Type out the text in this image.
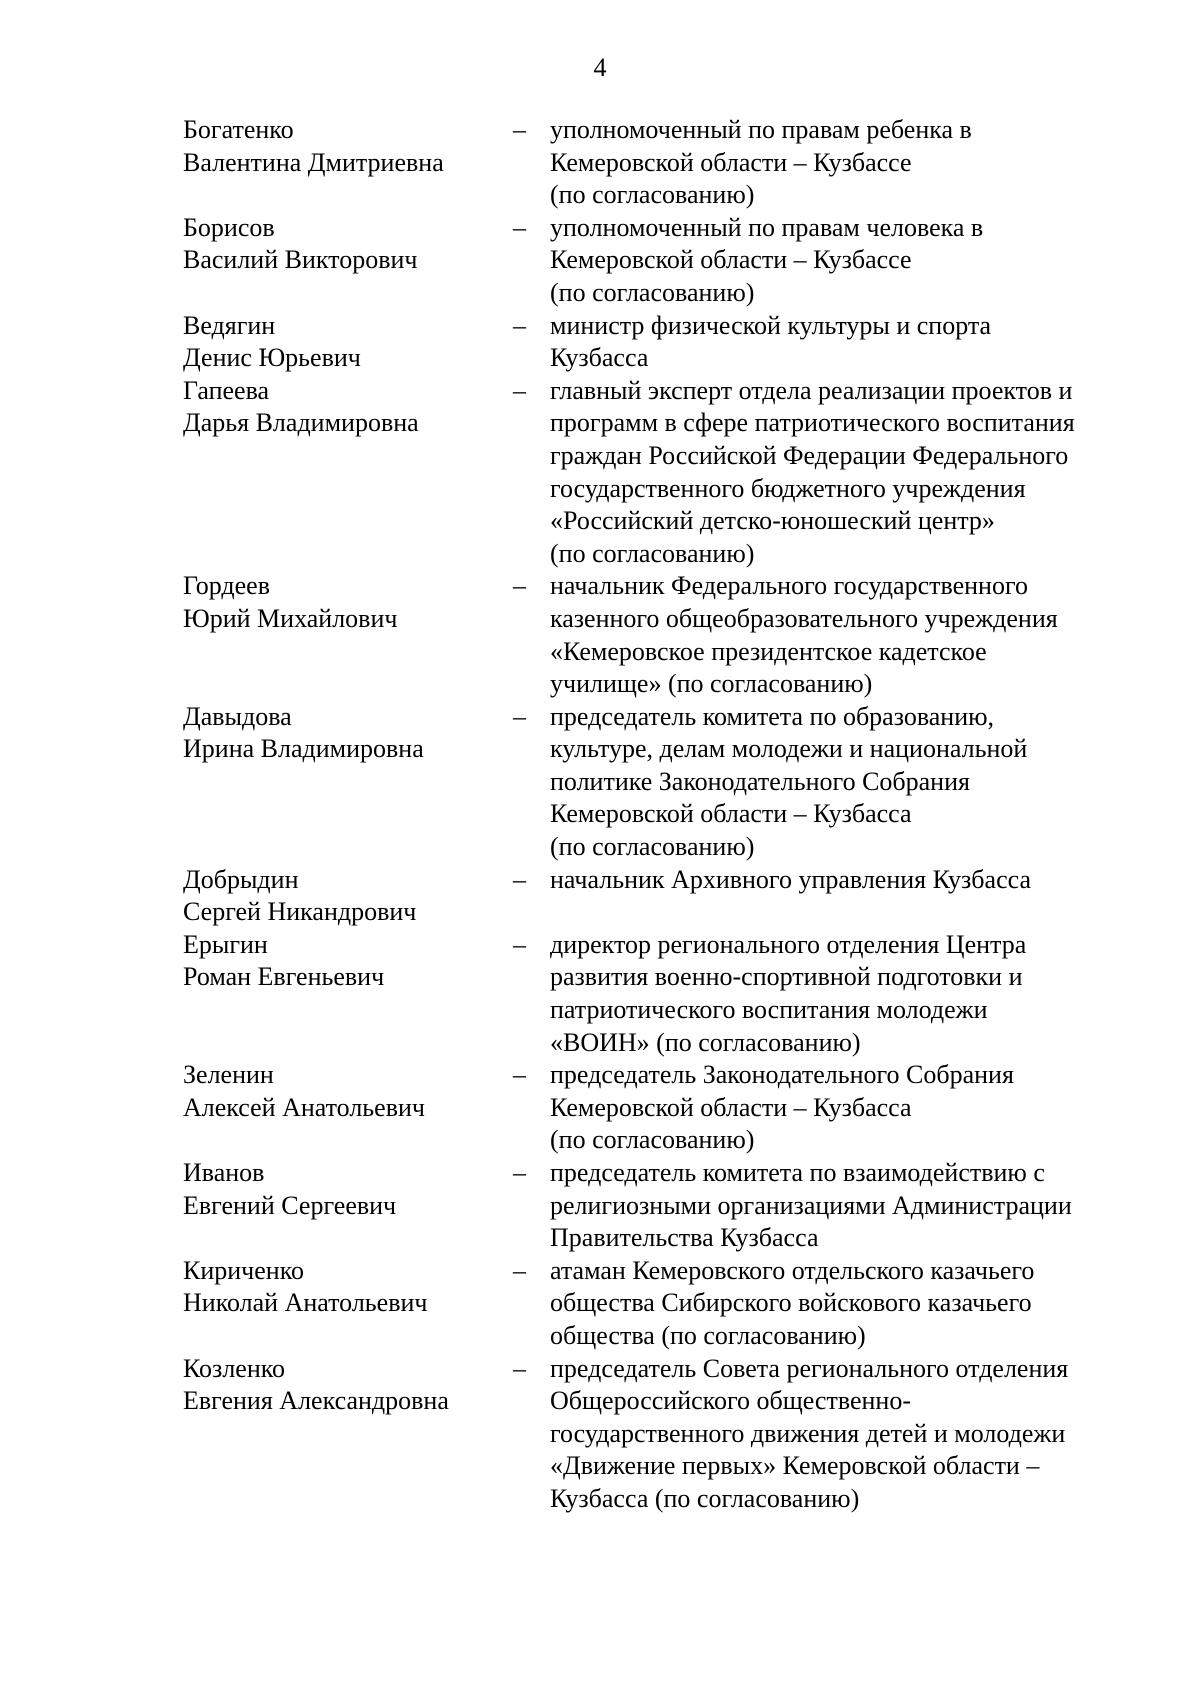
4
Богатенко
Валентина Дмитриевна
– уполномоченный по правам ребенка в
Кемеровской области – Кузбассе
(по согласованию)
Борисов
Василий Викторович
– уполномоченный по правам человека в
Кемеровской области – Кузбассе
(по согласованию)
Ведягин
Денис Юрьевич
– министр физической культуры и спорта
Кузбасса
Гапеева
Дарья Владимировна
– главный эксперт отдела реализации проектов и
программ в сфере патриотического воспитания
граждан Российской Федерации Федерального
государственного бюджетного учреждения
«Российский детско-юношеский центр»
(по согласованию)
Гордеев
Юрий Михайлович
– начальник Федерального государственного
казенного общеобразовательного учреждения
«Кемеровское президентское кадетское
училище» (по согласованию)
Давыдова
Ирина Владимировна
– председатель комитета по образованию,
культуре, делам молодежи и национальной
политике Законодательного Собрания
Кемеровской области – Кузбасса
(по согласованию)
Добрыдин
Сергей Никандрович
– начальник Архивного управления Кузбасса
Ерыгин
Роман Евгеньевич
– директор регионального отделения Центра
развития военно-спортивной подготовки и
патриотического воспитания молодежи
«ВОИН» (по согласованию)
Зеленин
Алексей Анатольевич
– председатель Законодательного Собрания
Кемеровской области – Кузбасса
(по согласованию)
Иванов
Евгений Сергеевич
– председатель комитета по взаимодействию с
религиозными организациями Администрации
Правительства Кузбасса
Кириченко
Николай Анатольевич
– атаман Кемеровского отдельского казачьего
общества Сибирского войскового казачьего
общества (по согласованию)
Козленко
Евгения Александровна
– председатель Совета регионального отделения
Общероссийского общественно-
государственного движения детей и молодежи
«Движение первых» Кемеровской области –
Кузбасса (по согласованию)
